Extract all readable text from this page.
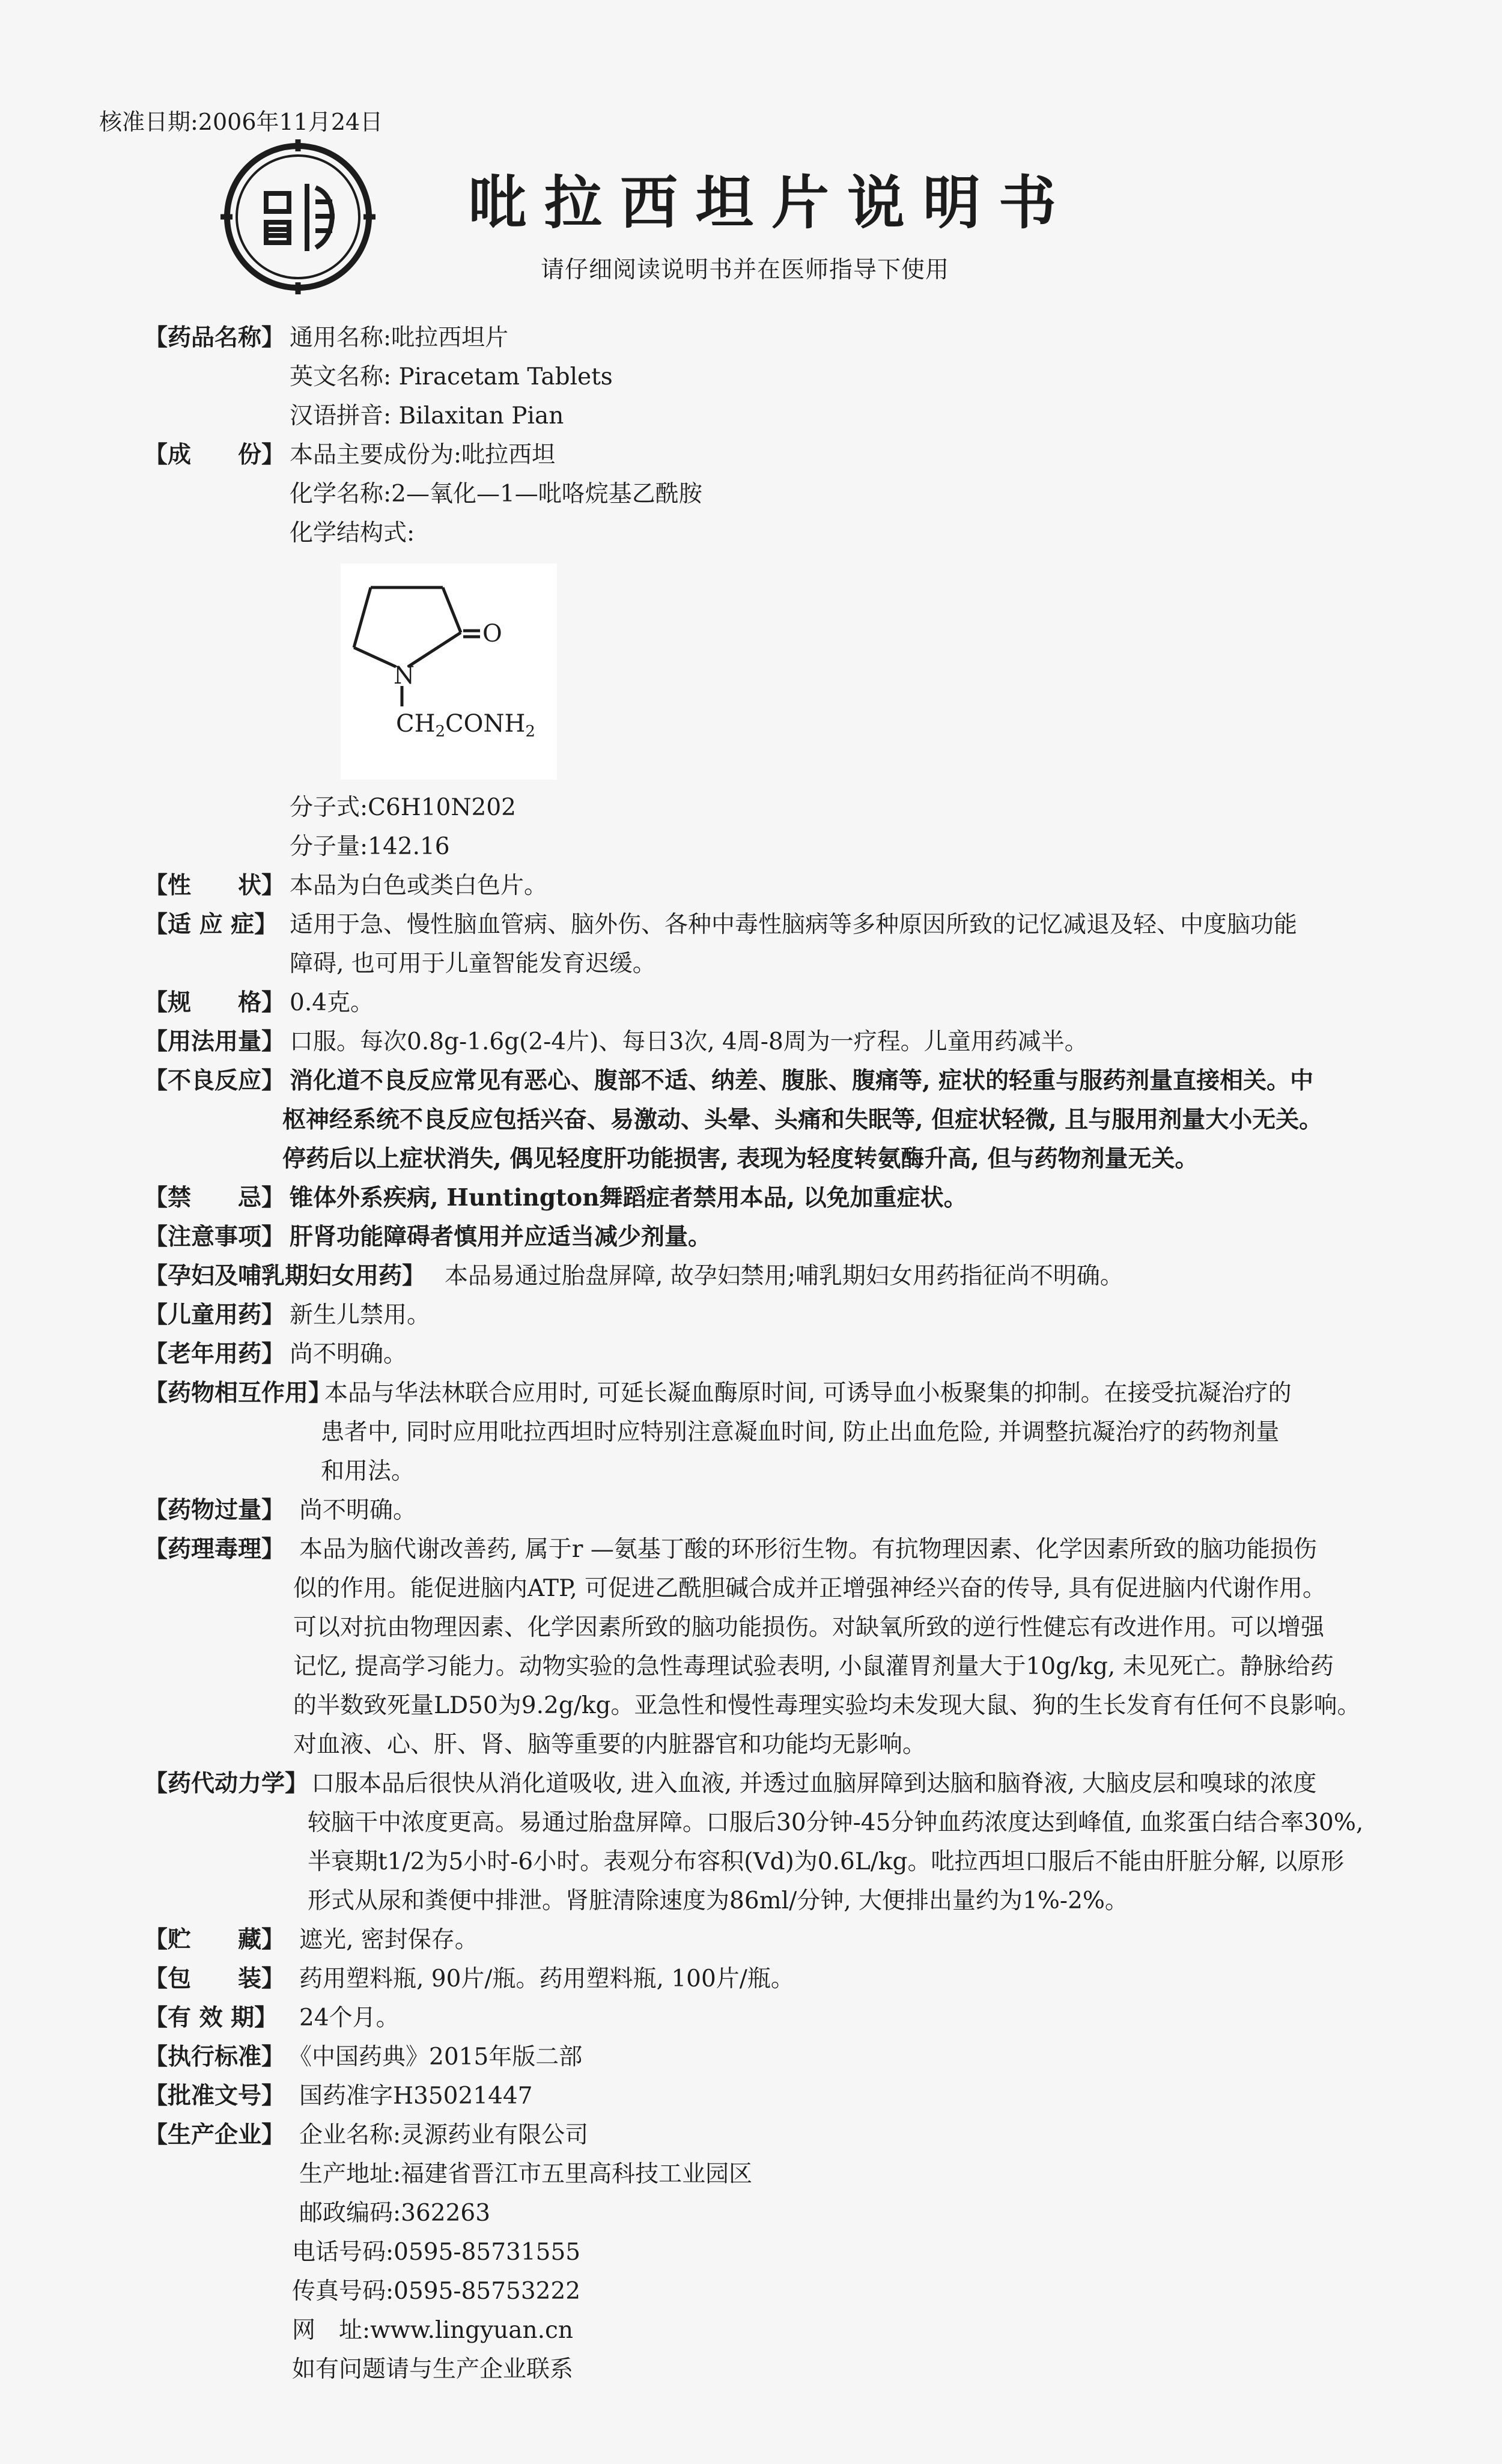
核准日期:2006年11月24日
吡拉西坦片说明书
请仔细阅读说明书并在医师指导下使用
【药品名称】 通用名称:吡拉西坦片
英文名称: Piracetam Tablets
汉语拼音: Bilaxitan Pian
【成　　份】 本品主要成份为:吡拉西坦
化学名称:2—氧化—1—吡咯烷基乙酰胺
化学结构式:
O
N
$CH_2CONH_2$
分子式:C6H10N202
分子量:142.16
【性　　状】 本品为白色或类白色片。
【适 应 症】 适用于急、慢性脑血管病、脑外伤、各种中毒性脑病等多种原因所致的记忆减退及轻、中度脑功能
障碍, 也可用于儿童智能发育迟缓。
【规　　格】 0.4克。
【用法用量】 口服。每次0.8g-1.6g(2-4片)、每日3次, 4周-8周为一疗程。儿童用药减半。
【不良反应】 消化道不良反应常见有恶心、腹部不适、纳差、腹胀、腹痛等, 症状的轻重与服药剂量直接相关。中
枢神经系统不良反应包括兴奋、易激动、头晕、头痛和失眠等, 但症状轻微, 且与服用剂量大小无关。
停药后以上症状消失, 偶见轻度肝功能损害, 表现为轻度转氨酶升高, 但与药物剂量无关。
【禁　　忌】 锥体外系疾病, Huntington舞蹈症者禁用本品, 以免加重症状。
【注意事项】 肝肾功能障碍者慎用并应适当减少剂量。
【孕妇及哺乳期妇女用药】 本品易通过胎盘屏障, 故孕妇禁用;哺乳期妇女用药指征尚不明确。
【儿童用药】 新生儿禁用。
【老年用药】 尚不明确。
【药物相互作用】
本品与华法林联合应用时, 可延长凝血酶原时间, 可诱导血小板聚集的抑制。在接受抗凝治疗的
患者中, 同时应用吡拉西坦时应特别注意凝血时间, 防止出血危险, 并调整抗凝治疗的药物剂量
和用法。
【药物过量】 尚不明确。
【药理毒理】 本品为脑代谢改善药, 属于r —氨基丁酸的环形衍生物。有抗物理因素、化学因素所致的脑功能损伤
似的作用。能促进脑内ATP, 可促进乙酰胆碱合成并正增强神经兴奋的传导, 具有促进脑内代谢作用。
可以对抗由物理因素、化学因素所致的脑功能损伤。对缺氧所致的逆行性健忘有改进作用。可以增强
记忆, 提高学习能力。动物实验的急性毒理试验表明, 小鼠灌胃剂量大于10g/kg, 未见死亡。静脉给药
的半数致死量LD50为9.2g/kg。亚急性和慢性毒理实验均未发现大鼠、狗的生长发育有任何不良影响。
对血液、心、肝、肾、脑等重要的内脏器官和功能均无影响。
【药代动力学】 口服本品后很快从消化道吸收, 进入血液, 并透过血脑屏障到达脑和脑脊液, 大脑皮层和嗅球的浓度
较脑干中浓度更高。易通过胎盘屏障。口服后30分钟-45分钟血药浓度达到峰值, 血浆蛋白结合率30%,
半衰期t1/2为5小时-6小时。表观分布容积(Vd)为0.6L/kg。吡拉西坦口服后不能由肝脏分解, 以原形
形式从尿和粪便中排泄。肾脏清除速度为86ml/分钟, 大便排出量约为1%-2%。
【贮　　藏】 遮光, 密封保存。
【包　　装】 药用塑料瓶, 90片/瓶。药用塑料瓶, 100片/瓶。
【有 效 期】 24个月。
【执行标准】 《中国药典》2015年版二部
【批准文号】 国药准字H35021447
【生产企业】 企业名称:灵源药业有限公司
生产地址:福建省晋江市五里高科技工业园区
邮政编码:362263
电话号码:0595-85731555
传真号码:0595-85753222
网　址:www.lingyuan.cn
如有问题请与生产企业联系
